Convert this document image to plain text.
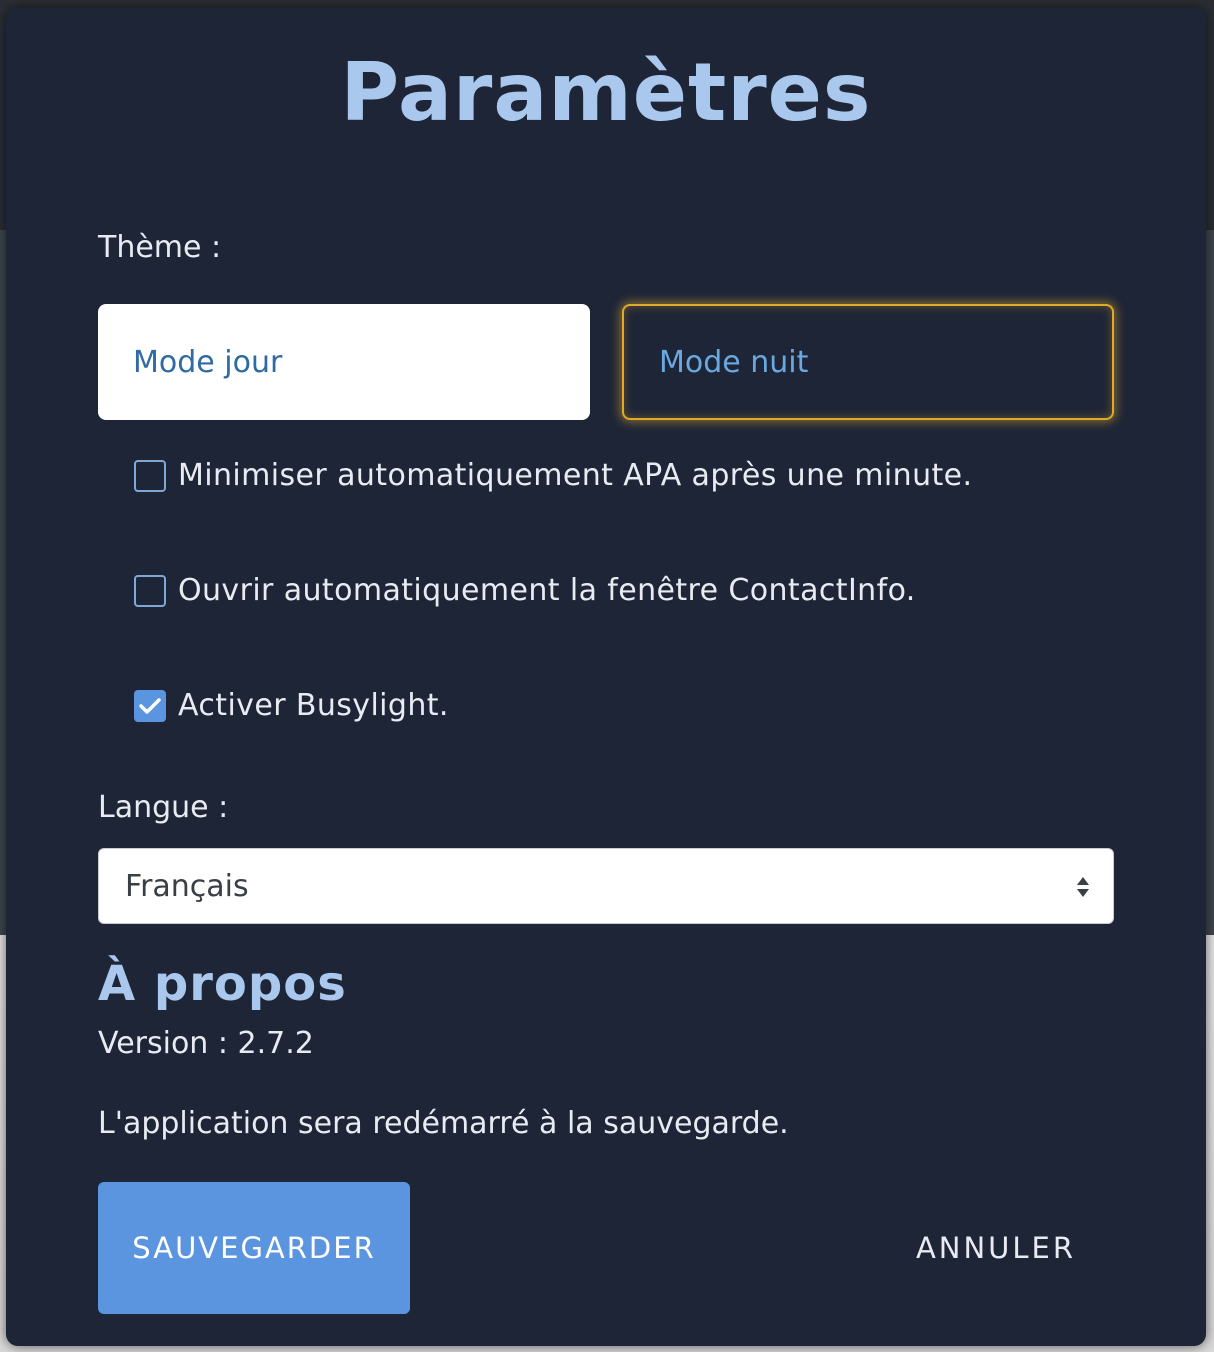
Paramètres
Thème :
Mode jour	Mode nuit
Minimiser automatiquement APA après une minute.
Ouvrir automatiquement la fenêtre ContactInfo.
Activer Busylight.
Langue :
Français
À propos
Version : 2.7.2
L'application sera redémarré à la sauvegarde.
SAUVEGARDER	ANNULER
